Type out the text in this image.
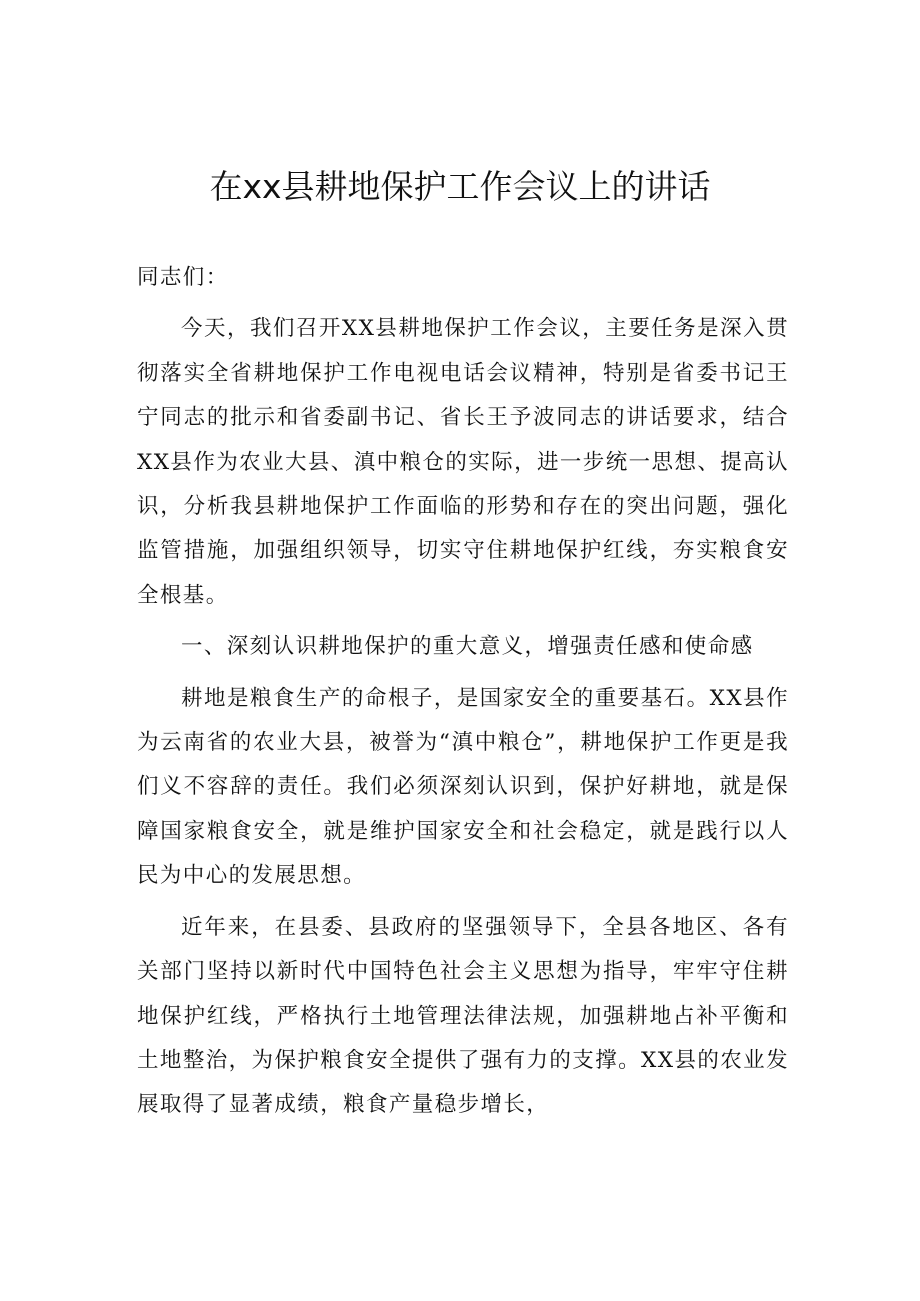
在xx县耕地保护工作会议上的讲话

同志们：

今天，我们召开XX县耕地保护工作会议，主要任务是深入贯彻落实全省耕地保护工作电视电话会议精神，特别是省委书记王宁同志的批示和省委副书记、省长王予波同志的讲话要求，结合XX县作为农业大县、滇中粮仓的实际，进一步统一思想、提高认识，分析我县耕地保护工作面临的形势和存在的突出问题，强化监管措施，加强组织领导，切实守住耕地保护红线，夯实粮食安全根基。

一、深刻认识耕地保护的重大意义，增强责任感和使命感

耕地是粮食生产的命根子，是国家安全的重要基石。XX县作为云南省的农业大县，被誉为“滇中粮仓”，耕地保护工作更是我们义不容辞的责任。我们必须深刻认识到，保护好耕地，就是保障国家粮食安全，就是维护国家安全和社会稳定，就是践行以人民为中心的发展思想。

近年来，在县委、县政府的坚强领导下，全县各地区、各有关部门坚持以新时代中国特色社会主义思想为指导，牢牢守住耕地保护红线，严格执行土地管理法律法规，加强耕地占补平衡和土地整治，为保护粮食安全提供了强有力的支撑。XX县的农业发展取得了显著成绩，粮食产量稳步增长，
